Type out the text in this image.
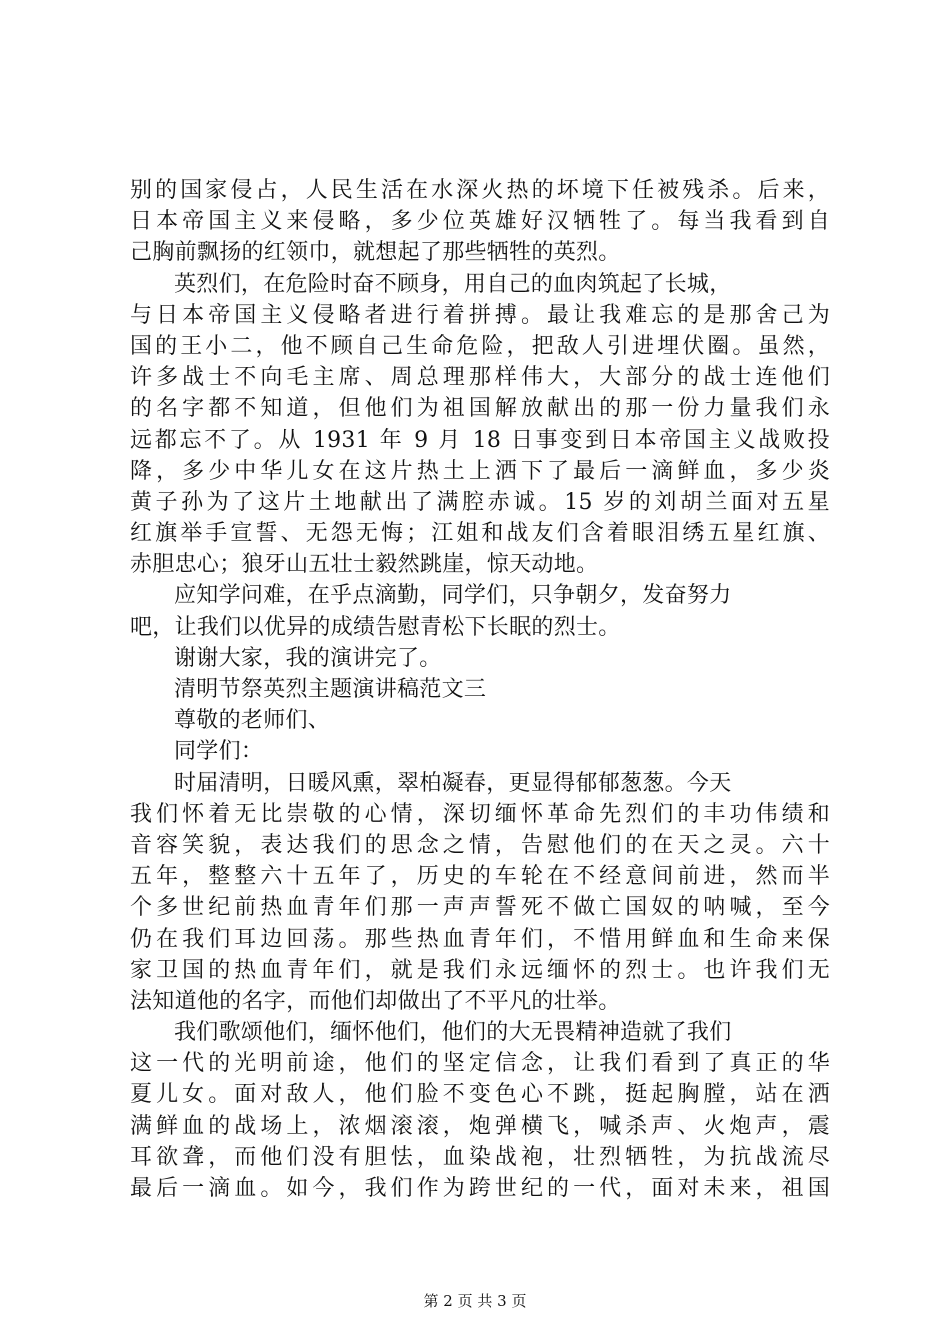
别的国家侵占，人民生活在水深火热的坏境下任被残杀。后来，
日本帝国主义来侵略，多少位英雄好汉牺牲了。每当我看到自
己胸前飘扬的红领巾，就想起了那些牺牲的英烈。
英烈们，在危险时奋不顾身，用自己的血肉筑起了长城，
与日本帝国主义侵略者进行着拼搏。最让我难忘的是那舍己为
国的王小二，他不顾自己生命危险，把敌人引进埋伏圈。虽然，
许多战士不向毛主席、周总理那样伟大，大部分的战士连他们
的名字都不知道，但他们为祖国解放献出的那一份力量我们永
远都忘不了。从 1931 年 9 月 18 日事变到日本帝国主义战败投
降，多少中华儿女在这片热土上洒下了最后一滴鲜血，多少炎
黄子孙为了这片土地献出了满腔赤诚。15 岁的刘胡兰面对五星
红旗举手宣誓、无怨无悔；江姐和战友们含着眼泪绣五星红旗、
赤胆忠心；狼牙山五壮士毅然跳崖，惊天动地。
应知学问难，在乎点滴勤，同学们，只争朝夕，发奋努力
吧，让我们以优异的成绩告慰青松下长眠的烈士。
谢谢大家，我的演讲完了。
清明节祭英烈主题演讲稿范文三
尊敬的老师们、
同学们：
时届清明，日暖风熏，翠柏凝春，更显得郁郁葱葱。今天
我们怀着无比崇敬的心情，深切缅怀革命先烈们的丰功伟绩和
音容笑貌，表达我们的思念之情，告慰他们的在天之灵。六十
五年，整整六十五年了，历史的车轮在不经意间前进，然而半
个多世纪前热血青年们那一声声誓死不做亡国奴的呐喊，至今
仍在我们耳边回荡。那些热血青年们，不惜用鲜血和生命来保
家卫国的热血青年们，就是我们永远缅怀的烈士。也许我们无
法知道他的名字，而他们却做出了不平凡的壮举。
我们歌颂他们，缅怀他们，他们的大无畏精神造就了我们
这一代的光明前途，他们的坚定信念，让我们看到了真正的华
夏儿女。面对敌人，他们脸不变色心不跳，挺起胸膛，站在洒
满鲜血的战场上，浓烟滚滚，炮弹横飞，喊杀声、火炮声，震
耳欲聋，而他们没有胆怯，血染战袍，壮烈牺牲，为抗战流尽
最后一滴血。如今，我们作为跨世纪的一代，面对未来，祖国
第 2 页 共 3 页
